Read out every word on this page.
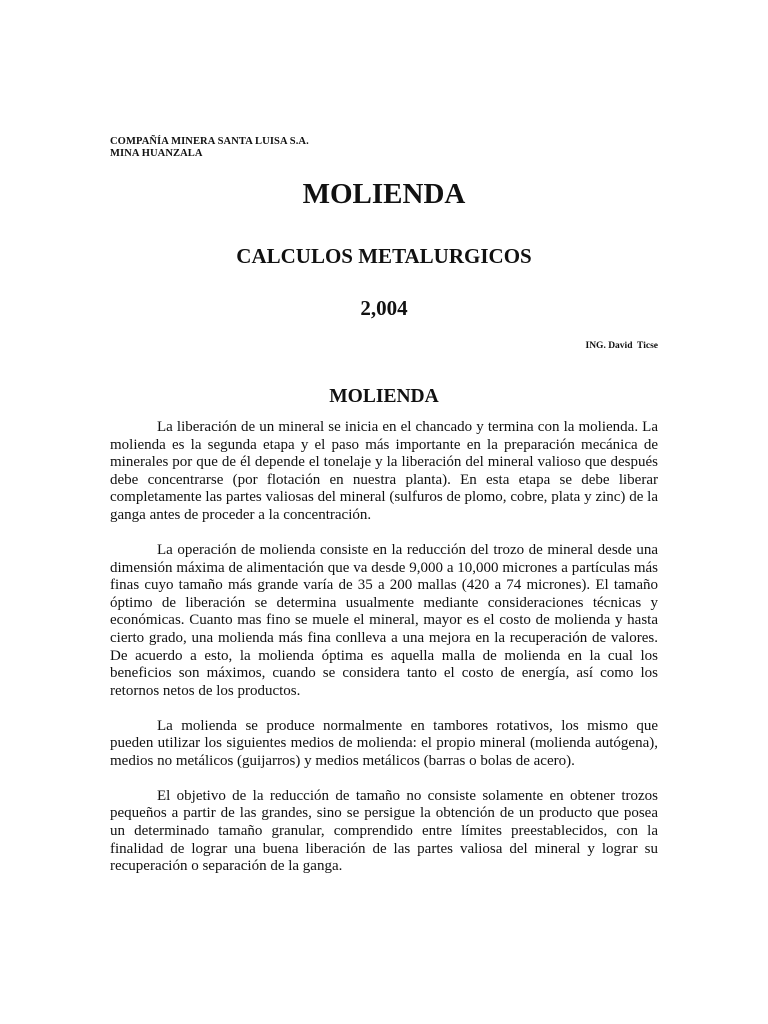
COMPAÑÍA MINERA SANTA LUISA S.A.
MINA HUANZALA
MOLIENDA
CALCULOS METALURGICOS
2,004
ING. David  Ticse
MOLIENDA

La liberación de un mineral se inicia en el chancado y termina con la molienda. La molienda es la segunda etapa y el paso más importante en la preparación mecánica de minerales por que de él depende el tonelaje y la liberación del mineral valioso que después debe concentrarse (por flotación en nuestra planta). En esta etapa se debe liberar completamente las partes valiosas del mineral (sulfuros de plomo, cobre, plata y zinc) de la ganga antes de proceder a la concentración.

La operación de molienda consiste en la reducción del trozo de mineral desde una dimensión máxima de alimentación que va desde 9,000 a 10,000 micrones a partículas más finas cuyo tamaño más grande varía de 35 a 200 mallas (420 a 74 micrones). El tamaño óptimo de liberación se determina usualmente mediante consideraciones técnicas y económicas. Cuanto mas fino se muele el mineral, mayor es el costo de molienda y hasta cierto grado, una molienda más fina conlleva a una mejora en la recuperación de valores. De acuerdo a esto, la molienda óptima es aquella malla de molienda en la cual los beneficios son máximos, cuando se considera tanto el costo de energía, así como los retornos netos de los productos.

La molienda se produce normalmente en tambores rotativos, los mismo que pueden utilizar los siguientes medios de molienda: el propio mineral (molienda autógena), medios no metálicos (guijarros) y medios metálicos (barras o bolas de acero).

El objetivo de la reducción de tamaño no consiste solamente en obtener trozos pequeños a partir de las grandes, sino se persigue la obtención de un producto que posea un determinado tamaño granular, comprendido entre límites preestablecidos, con la finalidad de lograr una buena liberación de las partes valiosa del mineral y lograr su recuperación o separación de la ganga.
